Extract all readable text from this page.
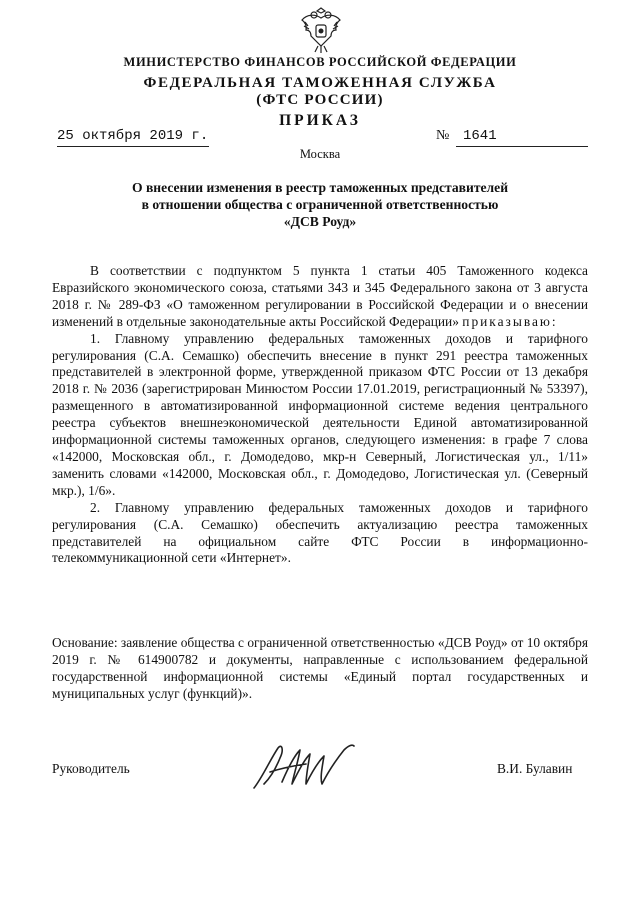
МИНИСТЕРСТВО ФИНАНСОВ РОССИЙСКОЙ ФЕДЕРАЦИИ
ФЕДЕРАЛЬНАЯ ТАМОЖЕННАЯ СЛУЖБА
(ФТС РОССИИ)
ПРИКАЗ
25 октября 2019 г.	№ 1641
Москва
О внесении изменения в реестр таможенных представителей
в отношении общества с ограниченной ответственностью
«ДСВ Роуд»
В соответствии с подпунктом 5 пункта 1 статьи 405 Таможенного кодекса Евразийского экономического союза, статьями 343 и 345 Федерального закона от 3 августа 2018 г. № 289-ФЗ «О таможенном регулировании в Российской Федерации и о внесении изменений в отдельные законодательные акты Российской Федерации» приказываю:
1. Главному управлению федеральных таможенных доходов и тарифного регулирования (С.А. Семашко) обеспечить внесение в пункт 291 реестра таможенных представителей в электронной форме, утвержденной приказом ФТС России от 13 декабря 2018 г. № 2036 (зарегистрирован Минюстом России 17.01.2019, регистрационный № 53397), размещенного в автоматизированной информационной системе ведения центрального реестра субъектов внешнеэкономической деятельности Единой автоматизированной информационной системы таможенных органов, следующего изменения: в графе 7 слова «142000, Московская обл., г. Домодедово, мкр-н Северный, Логистическая ул., 1/11» заменить словами «142000, Московская обл., г. Домодедово, Логистическая ул. (Северный мкр.), 1/6».
2. Главному управлению федеральных таможенных доходов и тарифного регулирования (С.А. Семашко) обеспечить актуализацию реестра таможенных представителей на официальном сайте ФТС России в информационно-телекоммуникационной сети «Интернет».
Основание: заявление общества с ограниченной ответственностью «ДСВ Роуд» от 10 октября 2019 г. № 614900782 и документы, направленные с использованием федеральной государственной информационной системы «Единый портал государственных и муниципальных услуг (функций)».
Руководитель	В.И. Булавин
